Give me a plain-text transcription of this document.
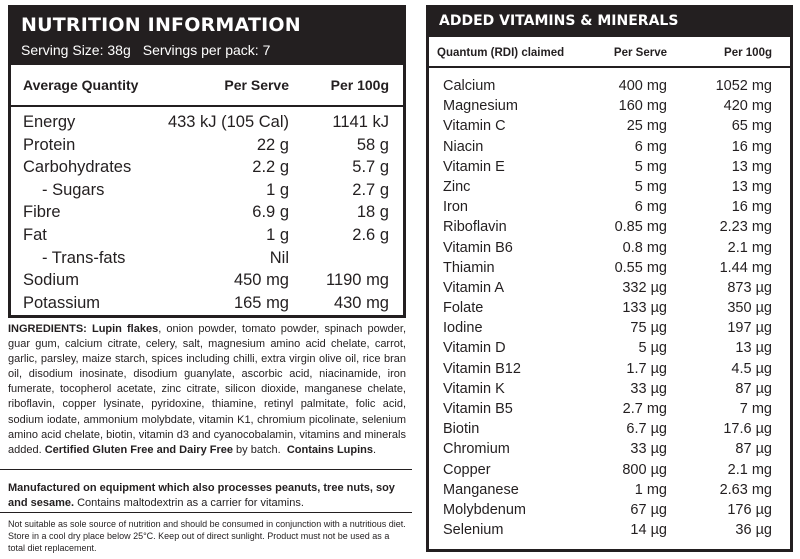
NUTRITION INFORMATION
Serving Size: 38g Servings per pack: 7
Average Quantity	Per Serve	Per 100g
Energy	433 kJ (105 Cal)	1141 kJ
Protein	22 g	58 g
Carbohydrates	2.2 g	5.7 g
- Sugars	1 g	2.7 g
Fibre	6.9 g	18 g
Fat	1 g	2.6 g
- Trans-fats	Nil
Sodium	450 mg 1190 mg
Potassium	165 mg	430 mg
INGREDIENTS: Lupin flakes, onion powder, tomato powder, spinach powder, guar gum, calcium citrate, celery, salt, magnesium amino acid chelate, carrot, garlic, parsley, maize starch, spices including chilli, extra virgin olive oil, rice bran oil, disodium inosinate, disodium guanylate, ascorbic acid, niacinamide, iron fumerate, tocopherol acetate, zinc citrate, silicon dioxide, manganese chelate, riboflavin, copper lysinate, pyridoxine, thiamine, retinyl palmitate, folic acid, sodium iodate, ammonium molybdate, vitamin K1, chromium picolinate, selenium amino acid chelate, biotin, vitamin d3 and cyanocobalamin, vitamins and minerals added. Certified Gluten Free and Dairy Free by batch. Contains Lupins.
Manufactured on equipment which also processes peanuts, tree nuts, soy and sesame. Contains maltodextrin as a carrier for vitamins.
Not suitable as sole source of nutrition and should be consumed in conjunction with a nutritious diet. Store in a cool dry place below 25°C. Keep out of direct sunlight. Product must not be used as a total diet replacement.
ADDED VITAMINS & MINERALS
Quantum (RDI) claimed	Per Serve	Per 100g
Calcium	400 mg	1052 mg
Magnesium	160 mg	420 mg
Vitamin C	25 mg	65 mg
Niacin	6 mg	16 mg
Vitamin E	5 mg	13 mg
Zinc	5 mg	13 mg
Iron	6 mg	16 mg
Riboflavin	0.85 mg	2.23 mg
Vitamin B6	0.8 mg	2.1 mg
Thiamin	0.55 mg	1.44 mg
Vitamin A	332 µg	873 µg
Folate	133 µg	350 µg
Iodine	75 µg	197 µg
Vitamin D	5 µg	13 µg
Vitamin B12	1.7 µg	4.5 µg
Vitamin K	33 µg	87 µg
Vitamin B5	2.7 mg	7 mg
Biotin	6.7 µg	17.6 µg
Chromium	33 µg	87 µg
Copper	800 µg	2.1 mg
Manganese	1 mg	2.63 mg
Molybdenum	67 µg	176 µg
Selenium	14 µg	36 µg
